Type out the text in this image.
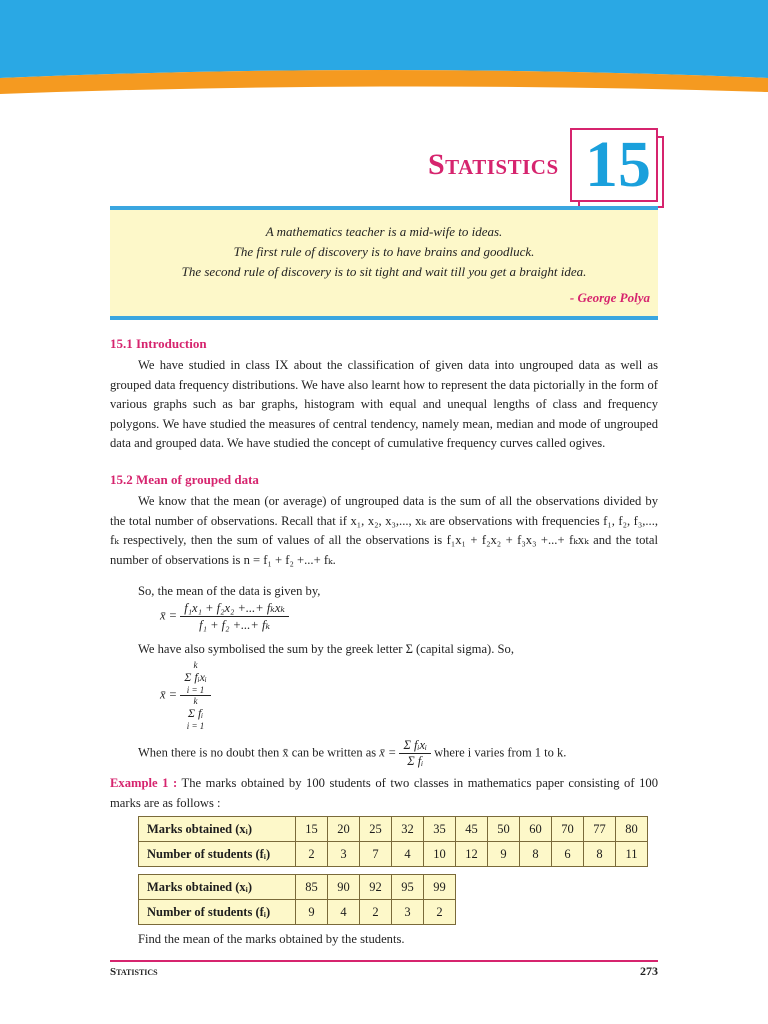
Statistics 15
A mathematics teacher is a mid-wife to ideas.
The first rule of discovery is to have brains and goodluck.
The second rule of discovery is to sit tight and wait till you get a braight idea.
- George Polya
15.1 Introduction
We have studied in class IX about the classification of given data into ungrouped data as well as grouped data frequency distributions. We have also learnt how to represent the data pictorially in the form of various graphs such as bar graphs, histogram with equal and unequal lengths of class and frequency polygons. We have studied the measures of central tendency, namely mean, median and mode of ungrouped data and grouped data. We have studied the concept of cumulative frequency curves called ogives.
15.2 Mean of grouped data
We know that the mean (or average) of ungrouped data is the sum of all the observations divided by the total number of observations. Recall that if x₁, x₂, x₃,..., xₖ are observations with frequencies f₁, f₂, f₃,..., fₖ respectively, then the sum of values of all the observations is f₁x₁ + f₂x₂ + f₃x₃ +...+ fₖxₖ and the total number of observations is n = f₁ + f₂ +...+ fₖ.
So, the mean of the data is given by,
x̄ = $\frac{\text{f₁x₁ + f₂x₂ +...+ fₖxₖ}}{\text{f₁ + f₂ +...+ fₖ}}$
We have also symbolised the sum by the greek letter Σ (capital sigma). So,
x̄ = k
Σ fᵢxᵢ
i = 1
k
Σ fᵢ
i = 1
When there is no doubt then x̄ can be written as x̄ = $\frac{\text{Σ fᵢxᵢ}}{\text{Σ fᵢ}}$ where i varies from 1 to k.
Example 1 : The marks obtained by 100 students of two classes in mathematics paper consisting of 100 marks are as follows :
Marks obtained (xᵢ)	15	20	25	32	35	45	50	60	70	77	80
Number of students (fᵢ)	2	3	7	4	10	12	9	8	6	8	11
Marks obtained (xᵢ)	85	90	92	95	99
Number of students (fᵢ)	9	4	2	3	2
Find the mean of the marks obtained by the students.
Statistics	273
